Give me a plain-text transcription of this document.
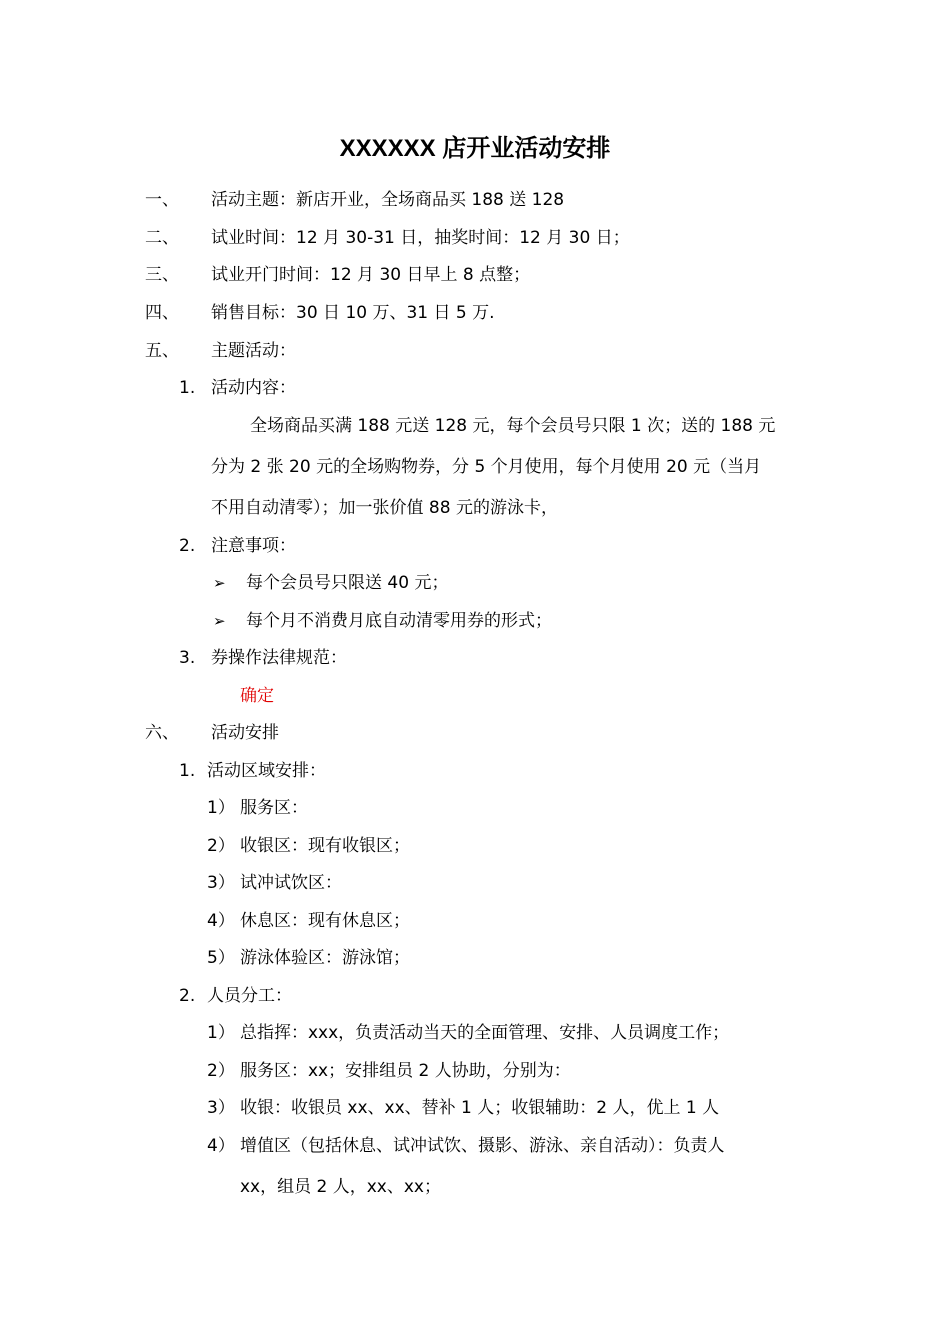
XXXXXX 店开业活动安排
一、 活动主题：新店开业，全场商品买 188 送 128
二、 试业时间：12 月 30-31 日，抽奖时间：12 月 30 日；
三、 试业开门时间：12 月 30 日早上 8 点整；
四、 销售目标：30 日 10 万、31 日 5 万.
五、 主题活动：
1. 活动内容：
全场商品买满 188 元送 128 元，每个会员号只限 1 次；送的 188 元
分为 2 张 20 元的全场购物券，分 5 个月使用，每个月使用 20 元（当月
不用自动清零）；加一张价值 88 元的游泳卡，
2. 注意事项：
➢ 每个会员号只限送 40 元；
➢ 每个月不消费月底自动清零用券的形式；
3. 券操作法律规范：
确定
六、 活动安排
1. 活动区域安排：
1） 服务区：
2） 收银区：现有收银区；
3） 试冲试饮区：
4） 休息区：现有休息区；
5） 游泳体验区：游泳馆；
2. 人员分工：
1） 总指挥：xxx，负责活动当天的全面管理、安排、人员调度工作；
2） 服务区：xx；安排组员 2 人协助，分别为：
3） 收银：收银员 xx、xx、替补 1 人；收银辅助：2 人，优上 1 人
4） 增值区（包括休息、试冲试饮、摄影、游泳、亲自活动）：负责人
xx，组员 2 人，xx、xx；
